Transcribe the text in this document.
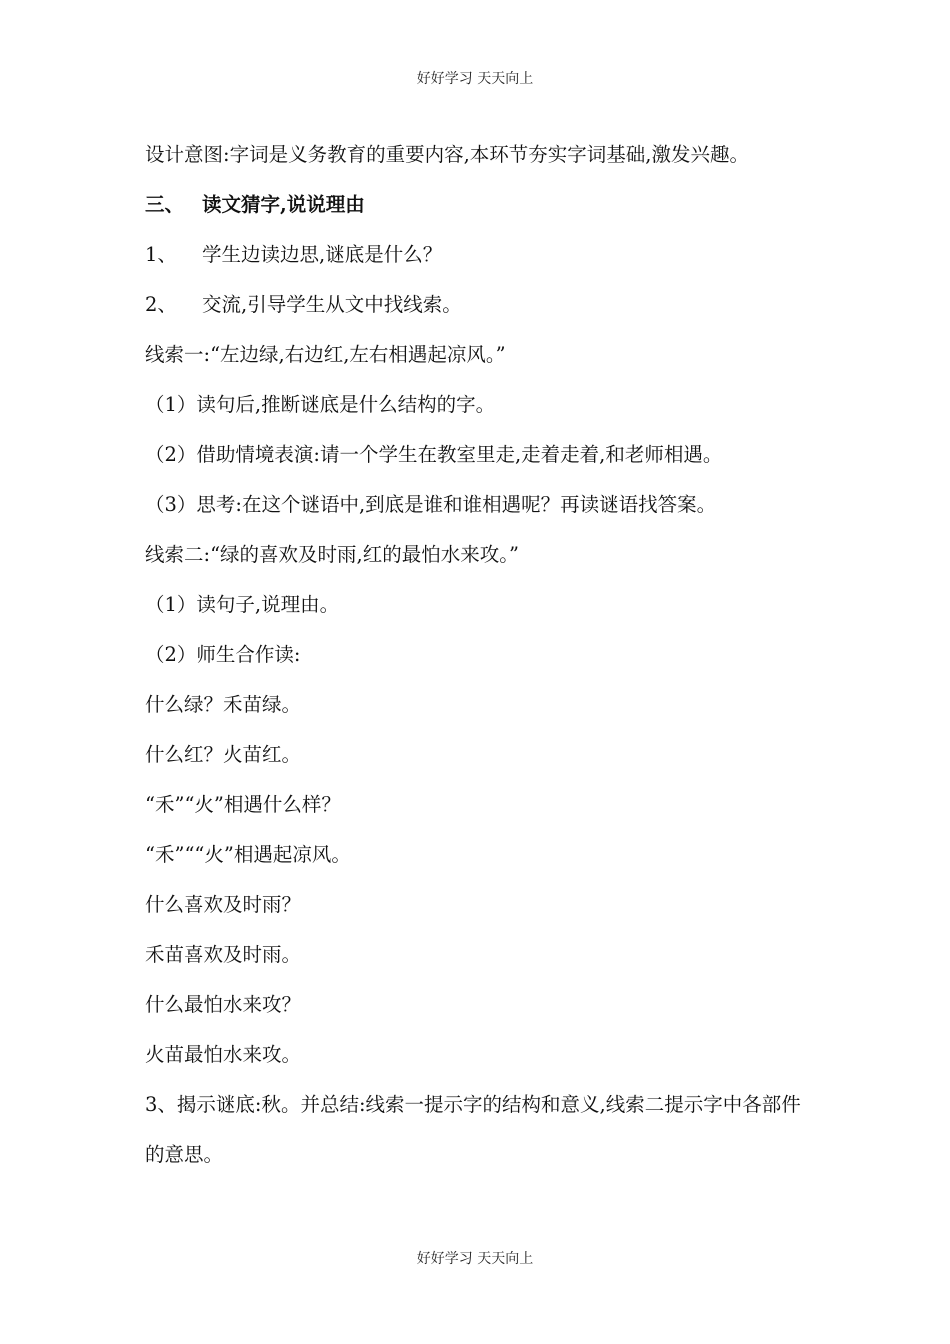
好好学习 天天向上
设计意图:字词是义务教育的重要内容,本环节夯实字词基础,激发兴趣。
三、 读文猜字,说说理由
1、 学生边读边思,谜底是什么？
2、 交流,引导学生从文中找线索。
线索一:“左边绿,右边红,左右相遇起凉风。”
（1）读句后,推断谜底是什么结构的字。
（2）借助情境表演:请一个学生在教室里走,走着走着,和老师相遇。
（3）思考:在这个谜语中,到底是谁和谁相遇呢？再读谜语找答案。
线索二:“绿的喜欢及时雨,红的最怕水来攻。”
（1）读句子,说理由。
（2）师生合作读:
什么绿？禾苗绿。
什么红？火苗红。
“禾”“火”相遇什么样？
“禾”““火”相遇起凉风。
什么喜欢及时雨？
禾苗喜欢及时雨。
什么最怕水来攻？
火苗最怕水来攻。
3、揭示谜底:秋。并总结:线索一提示字的结构和意义,线索二提示字中各部件的意思。
好好学习 天天向上
